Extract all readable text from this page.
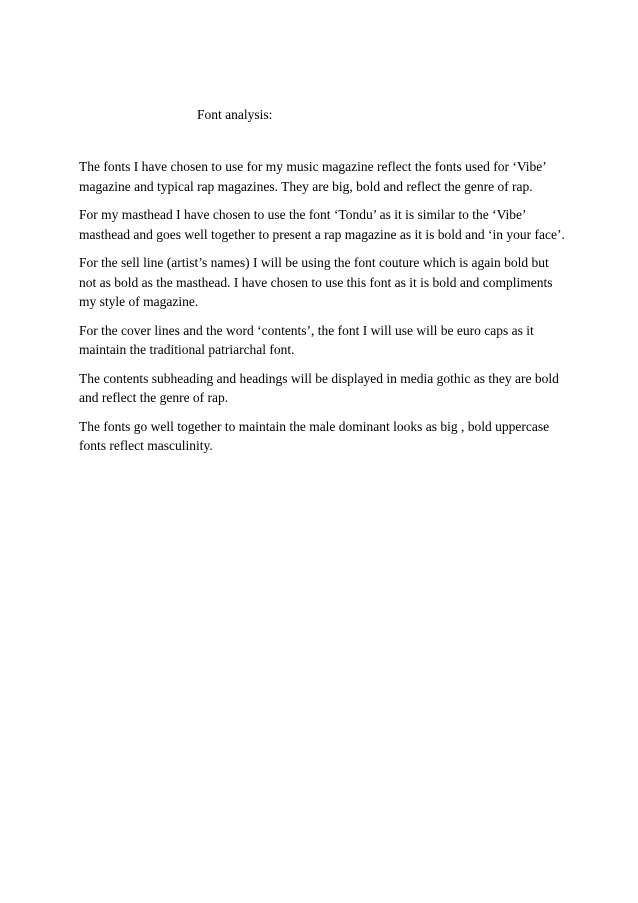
Font analysis:

The fonts I have chosen to use for my music magazine reflect the fonts used for ‘Vibe’ magazine and typical rap magazines. They are big, bold and reflect the genre of rap.

For my masthead I have chosen to use the font ‘Tondu’ as it is similar to the ‘Vibe’ masthead and goes well together to present a rap magazine as it is bold and ‘in your face’.

For the sell line (artist’s names) I will be using the font couture which is again bold but not as bold as the masthead. I have chosen to use this font as it is bold and compliments my style of magazine.

For the cover lines and the word ‘contents’, the font I will use will be euro caps as it maintain the traditional patriarchal font.

The contents subheading and headings will be displayed in media gothic as they are bold and reflect the genre of rap.

The fonts go well together to maintain the male dominant looks as big , bold uppercase fonts reflect masculinity.
